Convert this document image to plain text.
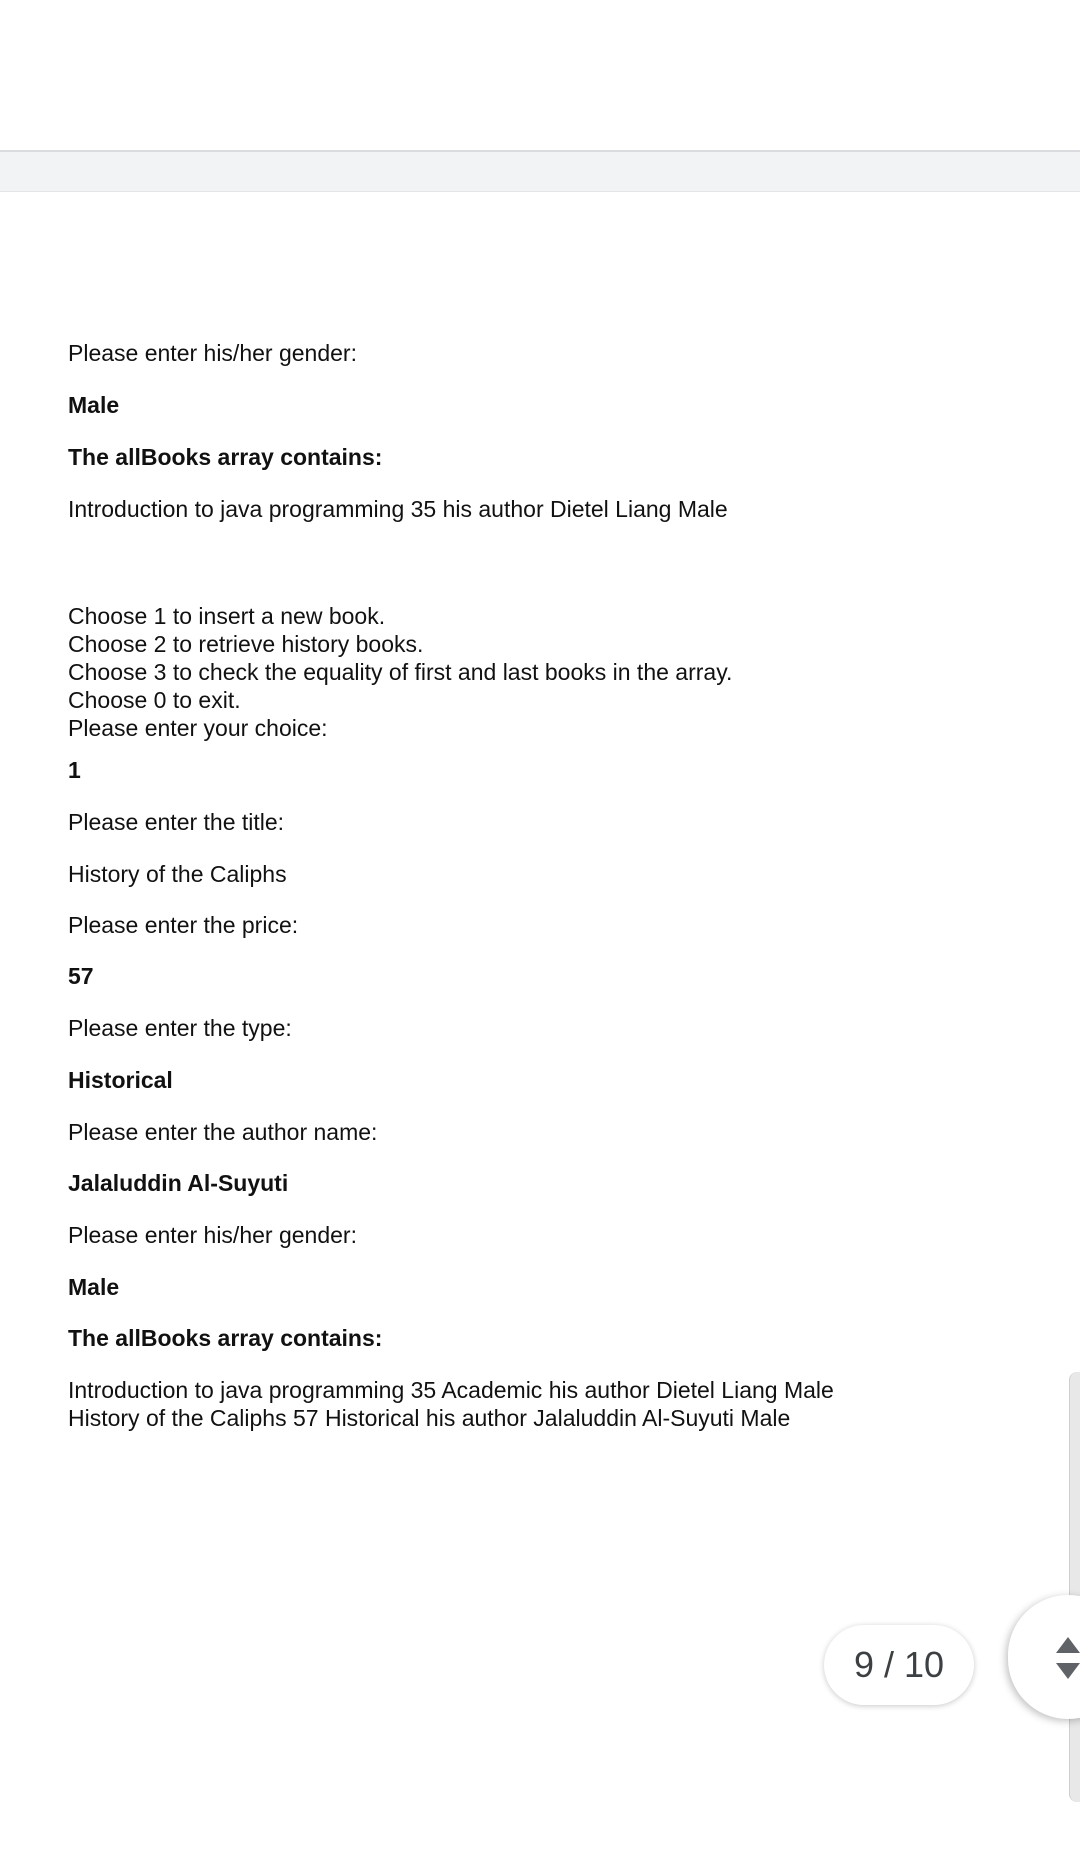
Please enter his/her gender:
Male
The allBooks array contains:
Introduction to java programming 35 his author Dietel Liang Male
Choose 1 to insert a new book.
Choose 2 to retrieve history books.
Choose 3 to check the equality of first and last books in the array.
Choose 0 to exit.
Please enter your choice:
1
Please enter the title:
History of the Caliphs
Please enter the price:
57
Please enter the type:
Historical
Please enter the author name:
Jalaluddin Al-Suyuti
Please enter his/her gender:
Male
The allBooks array contains:
Introduction to java programming 35 Academic his author Dietel Liang Male
History of the Caliphs 57 Historical his author Jalaluddin Al-Suyuti Male
9 / 10
